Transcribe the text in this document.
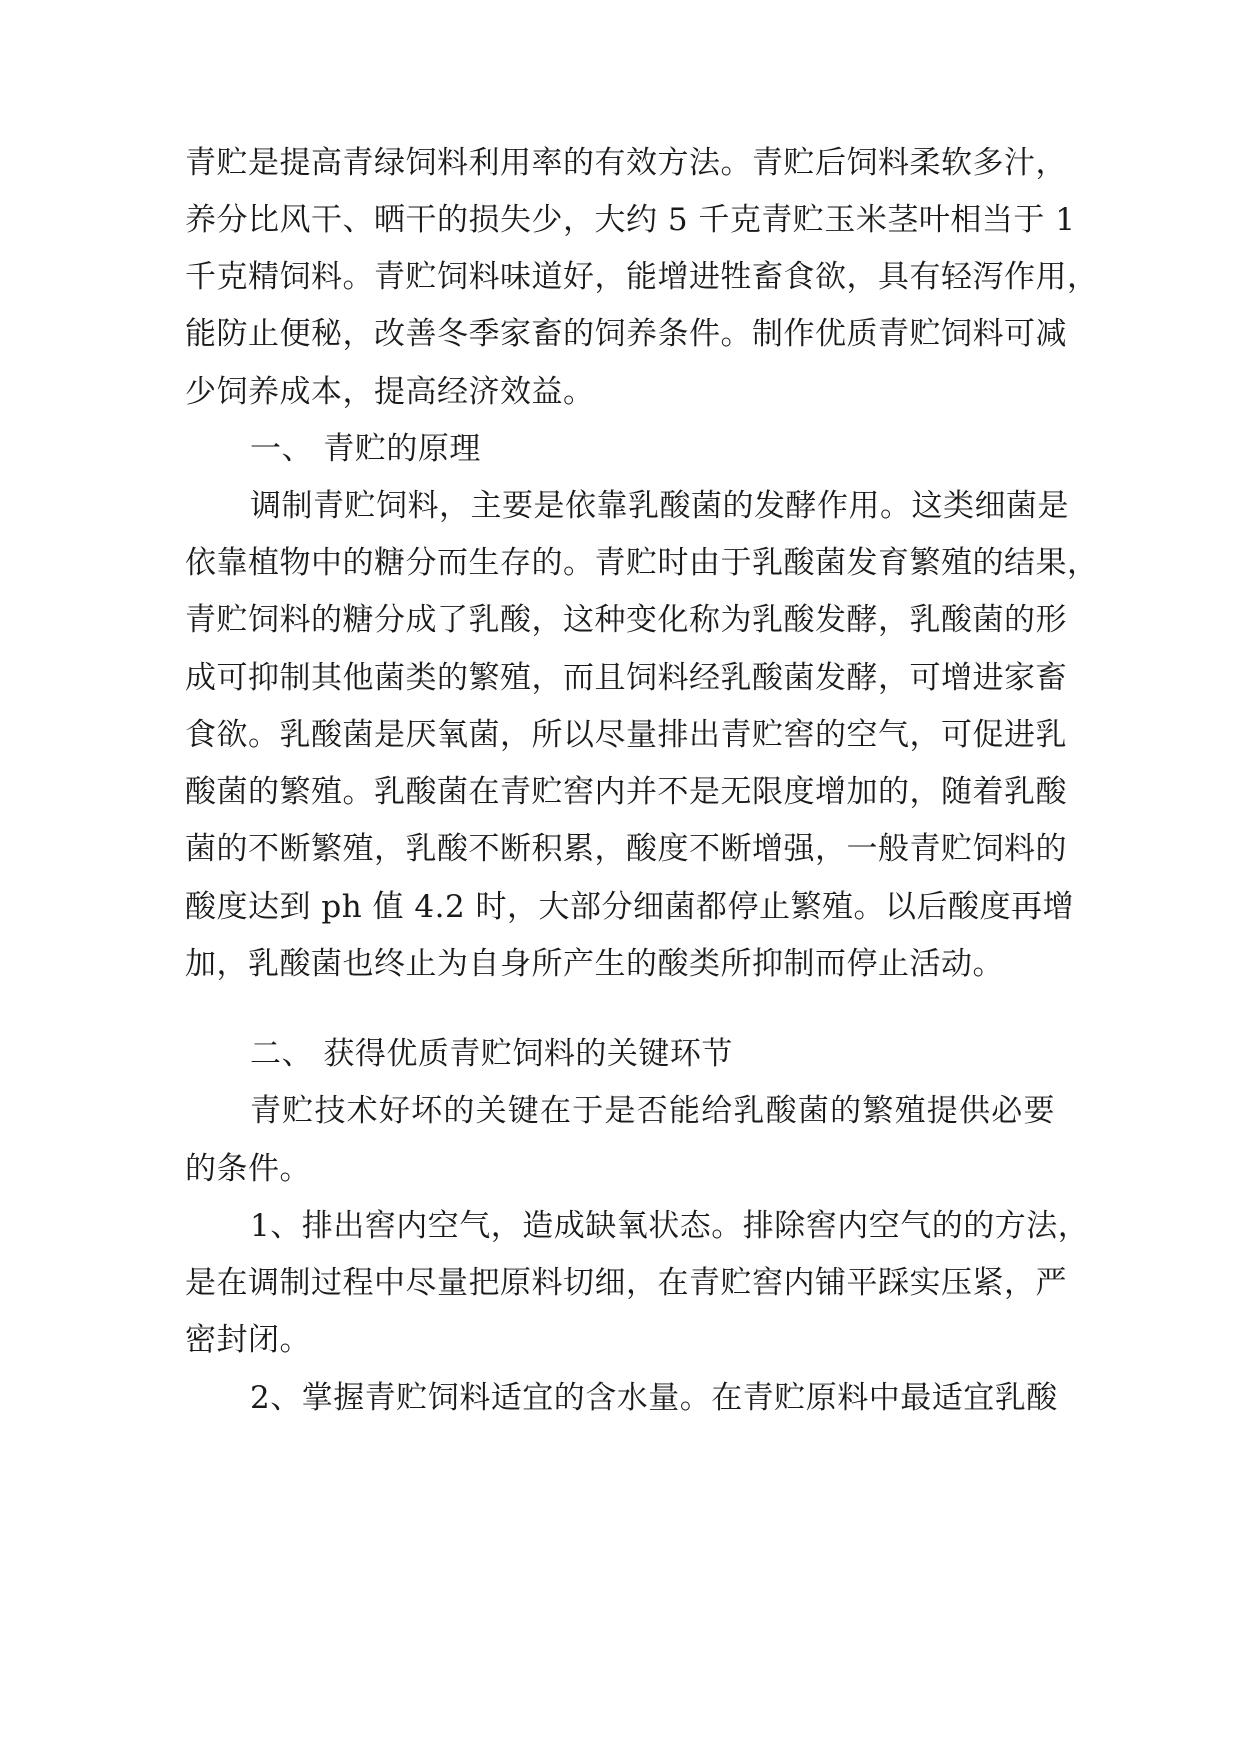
青贮是提高青绿饲料利用率的有效方法。青贮后饲料柔软多汁，
养分比风干、晒干的损失少，大约 5 千克青贮玉米茎叶相当于 1
千克精饲料。青贮饲料味道好，能增进牲畜食欲，具有轻泻作用，
能防止便秘，改善冬季家畜的饲养条件。制作优质青贮饲料可减
少饲养成本，提高经济效益。
一、 青贮的原理
调制青贮饲料，主要是依靠乳酸菌的发酵作用。这类细菌是
依靠植物中的糖分而生存的。青贮时由于乳酸菌发育繁殖的结果，
青贮饲料的糖分成了乳酸，这种变化称为乳酸发酵，乳酸菌的形
成可抑制其他菌类的繁殖，而且饲料经乳酸菌发酵，可增进家畜
食欲。乳酸菌是厌氧菌，所以尽量排出青贮窖的空气，可促进乳
酸菌的繁殖。乳酸菌在青贮窖内并不是无限度增加的，随着乳酸
菌的不断繁殖，乳酸不断积累，酸度不断增强，一般青贮饲料的
酸度达到 ph 值 4.2 时，大部分细菌都停止繁殖。以后酸度再增
加，乳酸菌也终止为自身所产生的酸类所抑制而停止活动。
二、 获得优质青贮饲料的关键环节
青贮技术好坏的关键在于是否能给乳酸菌的繁殖提供必要
的条件。
1、排出窖内空气，造成缺氧状态。排除窖内空气的的方法，
是在调制过程中尽量把原料切细，在青贮窖内铺平踩实压紧，严
密封闭。
2、掌握青贮饲料适宜的含水量。在青贮原料中最适宜乳酸
